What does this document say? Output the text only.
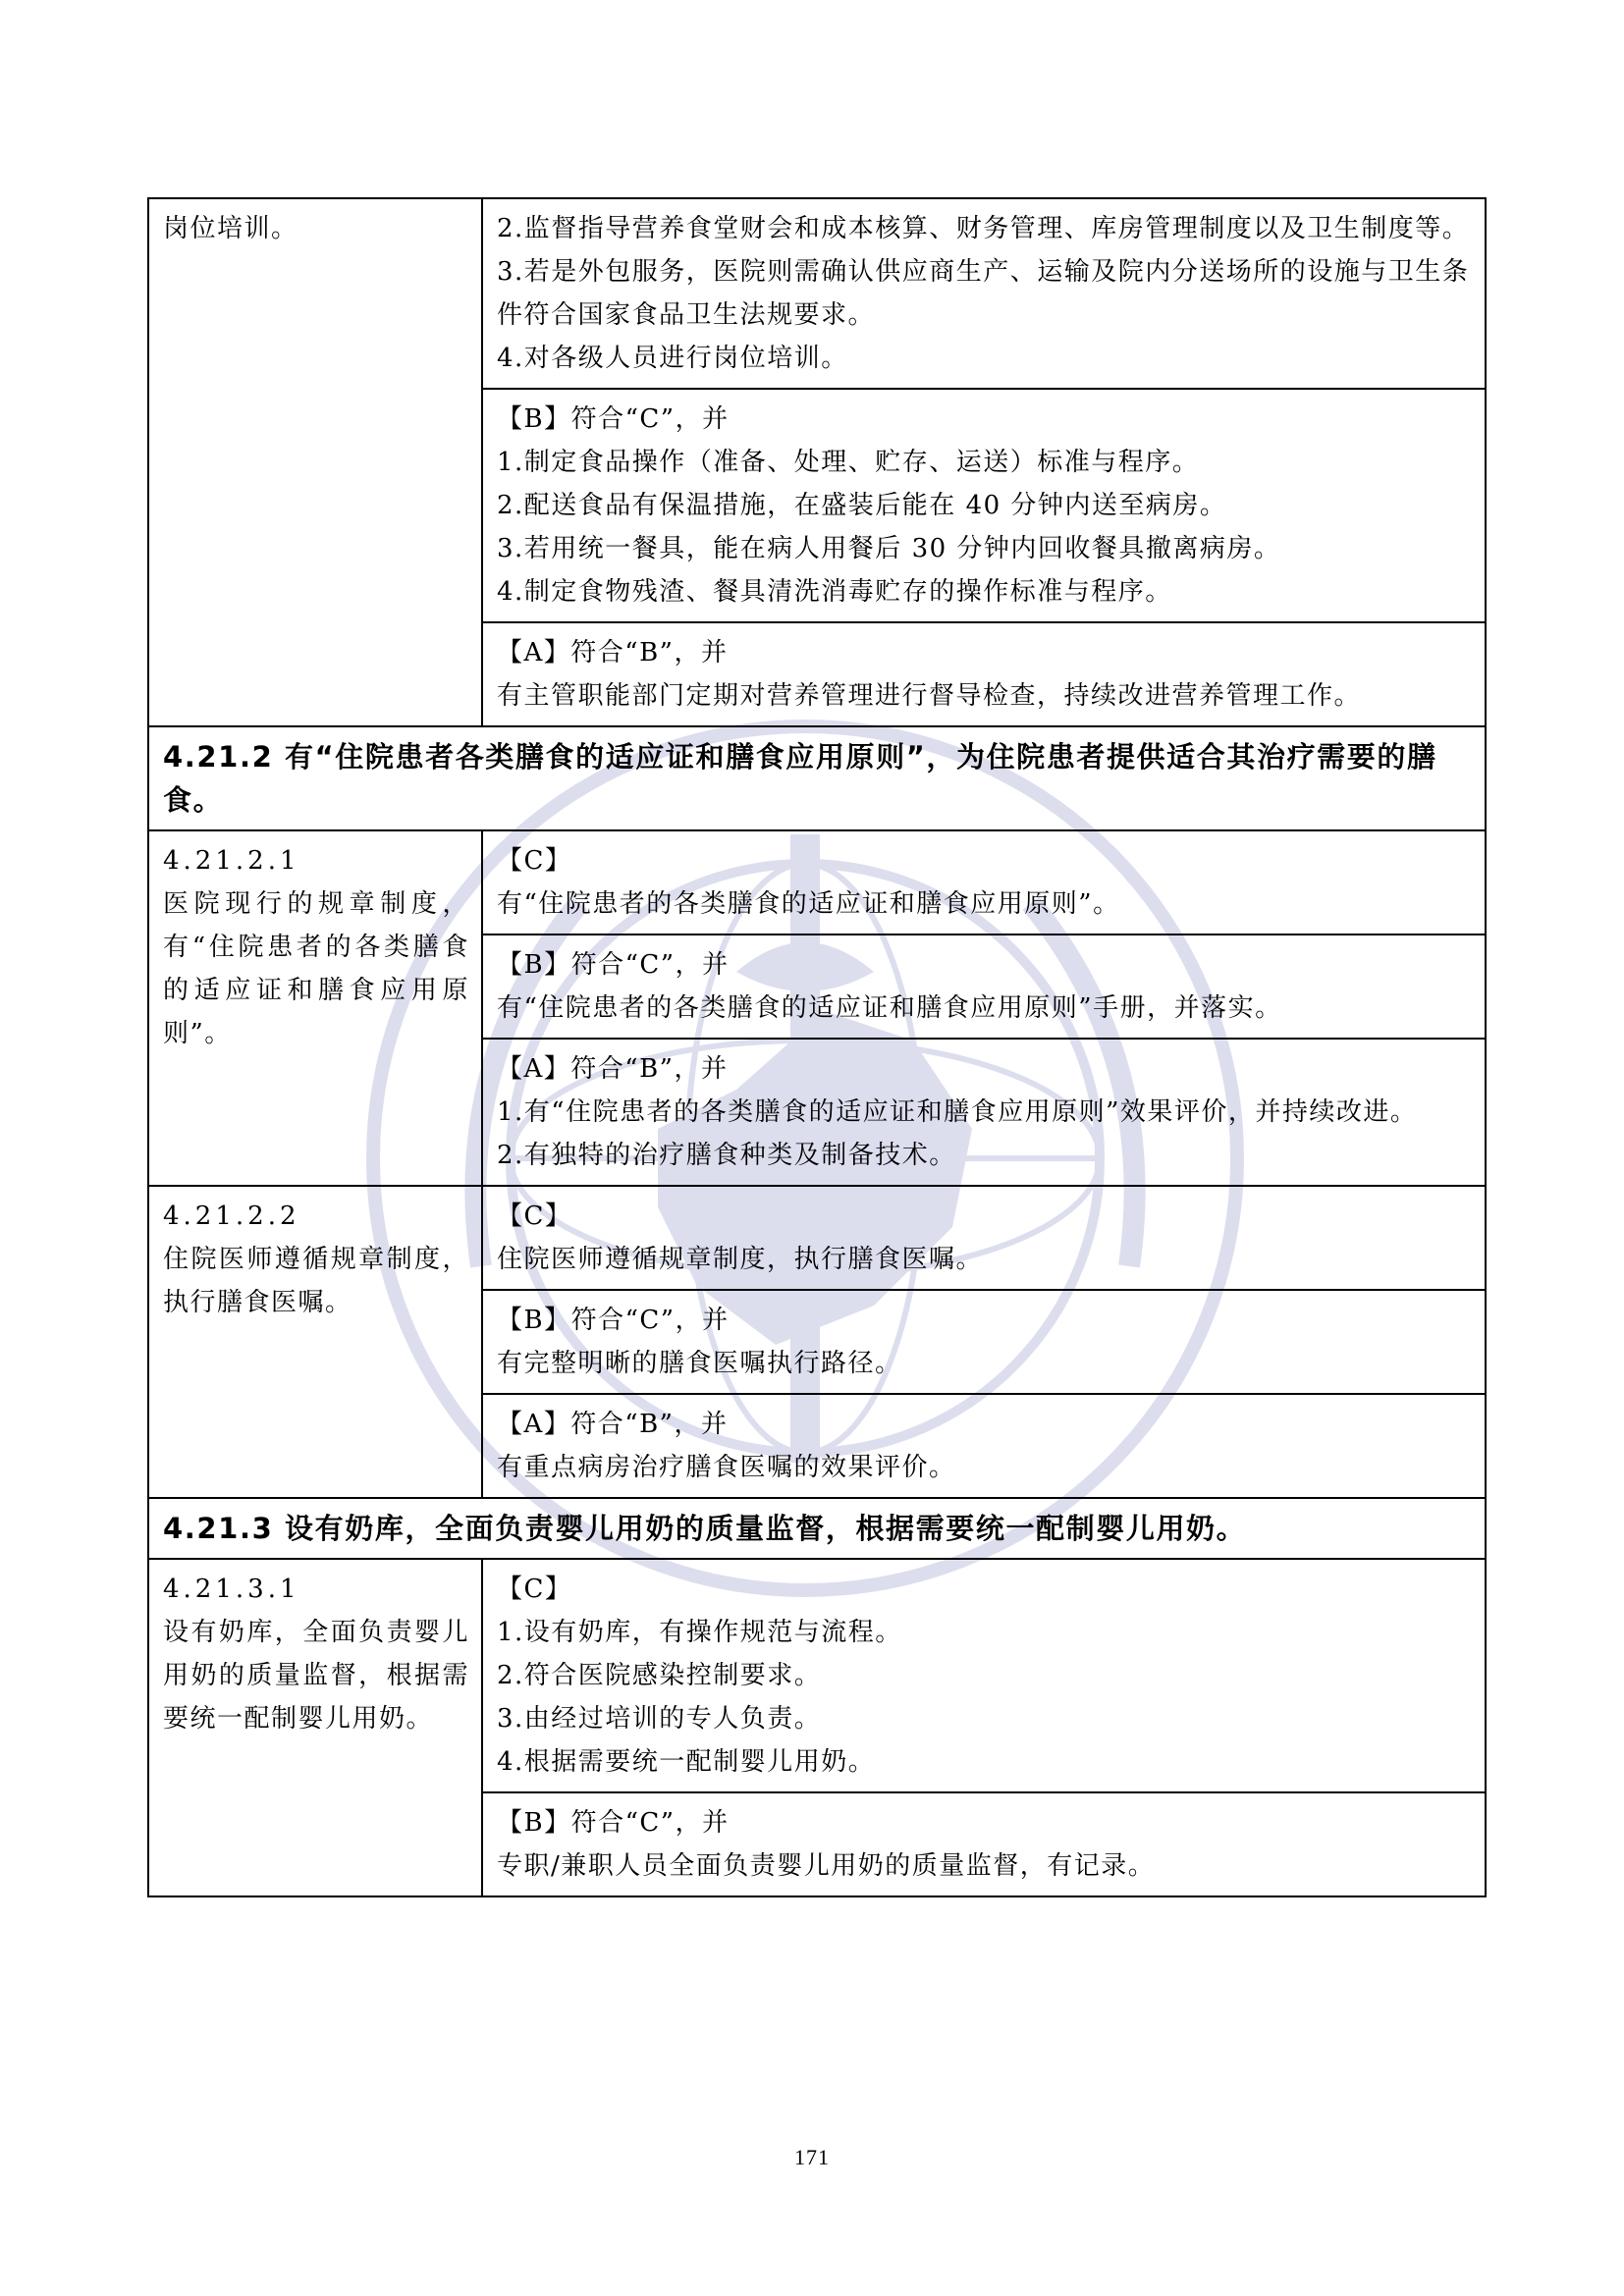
岗位培训。	2.监督指导营养食堂财会和成本核算、财务管理、库房管理制度以及卫生制度等。
3.若是外包服务，医院则需确认供应商生产、运输及院内分送场所的设施与卫生条件符合国家食品卫生法规要求。
4.对各级人员进行岗位培训。

	【B】符合“C”，并
1.制定食品操作（准备、处理、贮存、运送）标准与程序。
2.配送食品有保温措施，在盛装后能在 40 分钟内送至病房。
3.若用统一餐具，能在病人用餐后 30 分钟内回收餐具撤离病房。
4.制定食物残渣、餐具清洗消毒贮存的操作标准与程序。

	【A】符合“B”，并
有主管职能部门定期对营养管理进行督导检查，持续改进营养管理工作。

4.21.2 有“住院患者各类膳食的适应证和膳食应用原则”，为住院患者提供适合其治疗需要的膳食。	

4.21.2.1
医院现行的规章制度，有“住院患者的各类膳食的适应证和膳食应用原则”。	【C】
有“住院患者的各类膳食的适应证和膳食应用原则”。

	【B】符合“C”，并
有“住院患者的各类膳食的适应证和膳食应用原则”手册，并落实。

	【A】符合“B”，并
1.有“住院患者的各类膳食的适应证和膳食应用原则”效果评价，并持续改进。
2.有独特的治疗膳食种类及制备技术。

4.21.2.2
住院医师遵循规章制度，执行膳食医嘱。	【C】
住院医师遵循规章制度，执行膳食医嘱。

	【B】符合“C”，并
有完整明晰的膳食医嘱执行路径。

	【A】符合“B”，并
有重点病房治疗膳食医嘱的效果评价。

4.21.3 设有奶库，全面负责婴儿用奶的质量监督，根据需要统一配制婴儿用奶。	

4.21.3.1
设有奶库，全面负责婴儿用奶的质量监督，根据需要统一配制婴儿用奶。	【C】
1.设有奶库，有操作规范与流程。
2.符合医院感染控制要求。
3.由经过培训的专人负责。
4.根据需要统一配制婴儿用奶。

	【B】符合“C”，并
专职/兼职人员全面负责婴儿用奶的质量监督，有记录。
171
